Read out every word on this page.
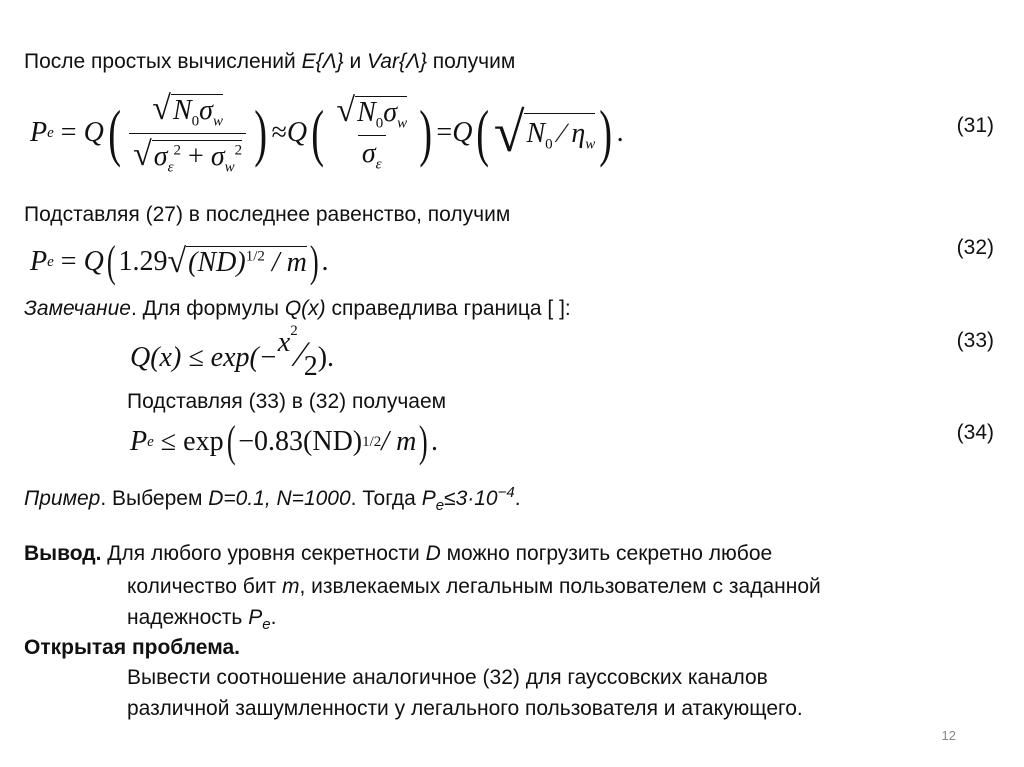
После простых вычислений E{Λ} и Var{Λ} получим
P e
=
Q ( $\frac{√N_0\sigma_w}{√\sigma_\varepsilon^2 + \sigma_w^2}$ ) ≈ Q ( $\frac{√N_0\sigma_w}{\sigma_\varepsilon}$ ) = Q ( √ $N_0$ ∕ $\eta_w$ ) .	(31)
Подставляя (27) в последнее равенство, получим
P e
=
Q ( 1.29 √ (ND)$^{1/2}$ / m ) .	(32)
Замечание. Для формулы Q(x) справедлива граница [ ]:
$Q(x) \le \exp(- x^2$
∕ 2 ).
(33)
Подставляя (33) в (32) получаем
P e
≤ exp ( −0.83(ND) 1/2 / m ) .	(34)
Пример. Выберем D=0.1, N=1000. Тогда $P_e\le 3\cdot 10^{-4}$.
Вывод. Для любого уровня секретности D можно погрузить секретно любое
количество бит m, извлекаемых легальным пользователем с заданной
надежность $P_e$.
Открытая проблема.
Вывести соотношение аналогичное (32) для гауссовских каналов
различной зашумленности у легального пользователя и атакующего.
12
